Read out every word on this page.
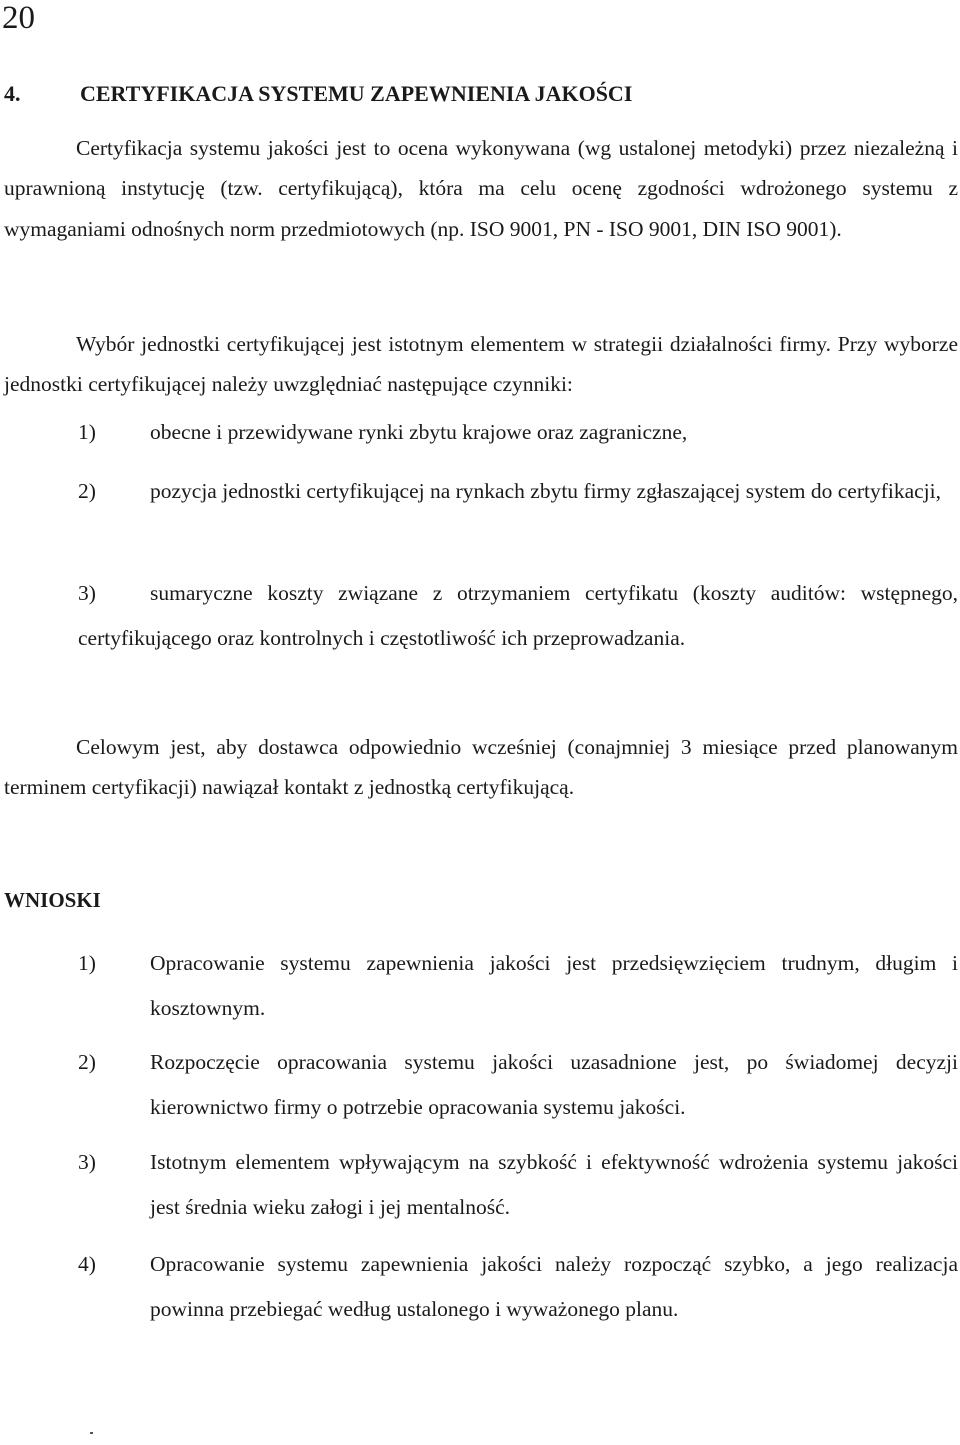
20
4.	CERTYFIKACJA SYSTEMU ZAPEWNIENIA JAKOŚCI

Certyfikacja systemu jakości jest to ocena wykonywana (wg ustalonej metodyki) przez niezależną i uprawnioną instytucję (tzw. certyfikującą), która ma celu ocenę zgodności wdrożonego systemu z wymaganiami odnośnych norm przedmiotowych (np. ISO 9001, PN - ISO 9001, DIN ISO 9001).

Wybór jednostki certyfikującej jest istotnym elementem w strategii działalności firmy. Przy wyborze jednostki certyfikującej należy uwzględniać następujące czynniki:

1)	obecne i przewidywane rynki zbytu krajowe oraz zagraniczne,
2)	pozycja jednostki certyfikującej na rynkach zbytu firmy zgłaszającej system do certyfikacji,
3)	sumaryczne koszty związane z otrzymaniem certyfikatu (koszty auditów: wstępnego, certyfikującego oraz kontrolnych i częstotliwość ich przeprowadzania.

Celowym jest, aby dostawca odpowiednio wcześniej (conajmniej 3 miesiące przed planowanym terminem certyfikacji) nawiązał kontakt z jednostką certyfikującą.

WNIOSKI
1)	Opracowanie systemu zapewnienia jakości jest przedsięwzięciem trudnym, długim i kosztownym.
2)	Rozpoczęcie opracowania systemu jakości uzasadnione jest, po świadomej decyzji kierownictwo firmy o potrzebie opracowania systemu jakości.
3)	Istotnym elementem wpływającym na szybkość i efektywność wdrożenia systemu jakości jest średnia wieku załogi i jej mentalność.
4)	Opracowanie systemu zapewnienia jakości należy rozpocząć szybko, a jego realizacja powinna przebiegać według ustalonego i wyważonego planu.
